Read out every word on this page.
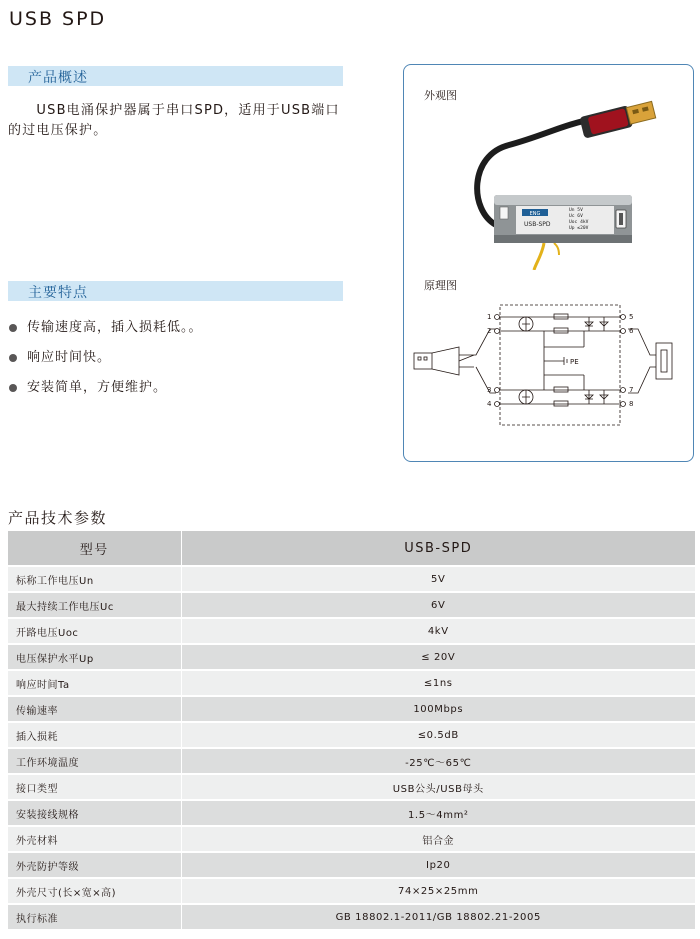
USB SPD
产品概述
　　USB电涌保护器属于串口SPD，适用于USB端口的过电压保护。
主要特点
传输速度高，插入损耗低。。
响应时间快。
安装简单，方便维护。
外观图
ENG
USB-SPD
Un 5V
Uc 6V
Uoc 4kV
Up ≤20V
原理图
PE
1
2
3
4
5
6
7
8
产品技术参数
型号	USB-SPD
标称工作电压Un	5V
最大持续工作电压Uc	6V
开路电压Uoc	4kV
电压保护水平Up	≤ 20V
响应时间Ta	≤1ns
传输速率	100Mbps
插入损耗	≤0.5dB
工作环境温度	-25℃～65℃
接口类型	USB公头/USB母头
安装接线规格	1.5～4mm²
外壳材料	铝合金
外壳防护等级	Ip20
外壳尺寸(长×宽×高)	74×25×25mm
执行标准	GB 18802.1-2011/GB 18802.21-2005
